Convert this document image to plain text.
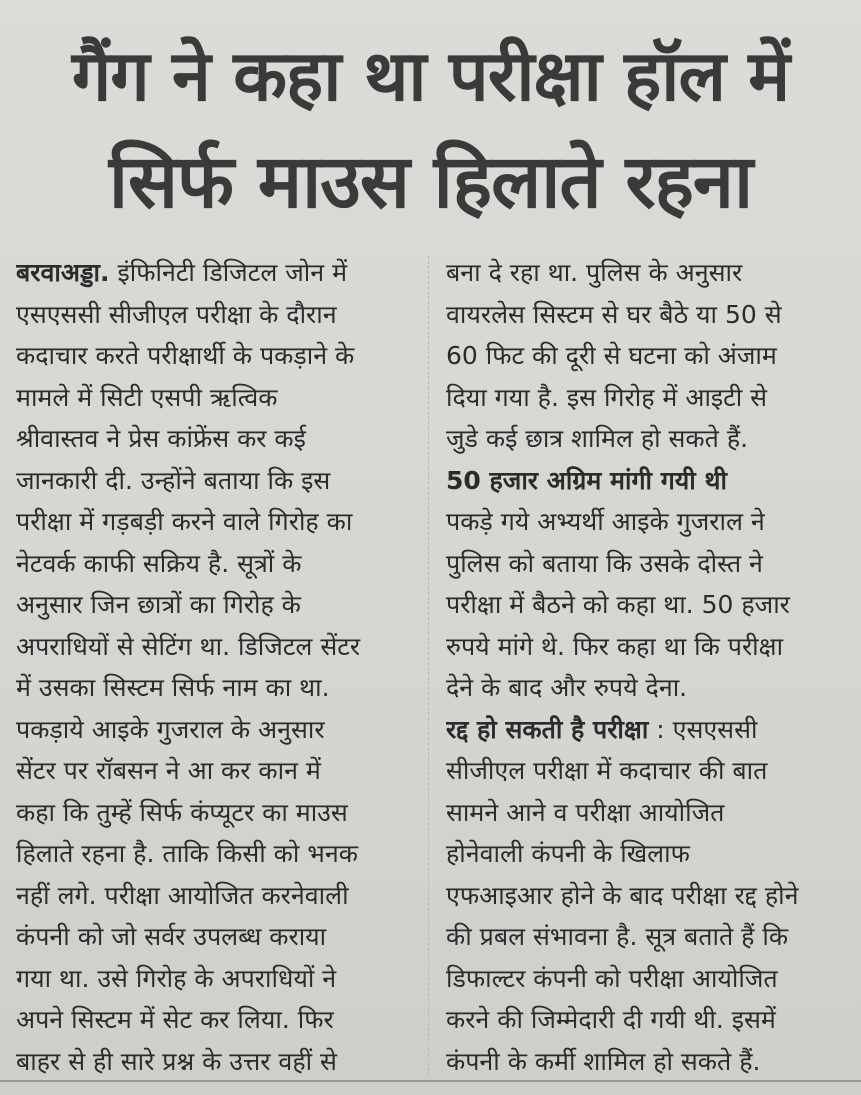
गैंग ने कहा था परीक्षा हॉल में
सिर्फ माउस हिलाते रहना
बरवाअड्डा. इंफिनिटी डिजिटल जोन में
एसएससी सीजीएल परीक्षा के दौरान
कदाचार करते परीक्षार्थी के पकड़ाने के
मामले में सिटी एसपी ऋत्विक
श्रीवास्तव ने प्रेस कांफ्रेंस कर कई
जानकारी दी. उन्होंने बताया कि इस
परीक्षा में गड़बड़ी करने वाले गिरोह का
नेटवर्क काफी सक्रिय है. सूत्रों के
अनुसार जिन छात्रों का गिरोह के
अपराधियों से सेटिंग था. डिजिटल सेंटर
में उसका सिस्टम सिर्फ नाम का था.
पकड़ाये आइके गुजराल के अनुसार
सेंटर पर रॉबसन ने आ कर कान में
कहा कि तुम्हें सिर्फ कंप्यूटर का माउस
हिलाते रहना है. ताकि किसी को भनक
नहीं लगे. परीक्षा आयोजित करनेवाली
कंपनी को जो सर्वर उपलब्ध कराया
गया था. उसे गिरोह के अपराधियों ने
अपने सिस्टम में सेट कर लिया. फिर
बाहर से ही सारे प्रश्न के उत्तर वहीं से
बना दे रहा था. पुलिस के अनुसार
वायरलेस सिस्टम से घर बैठे या 50 से
60 फिट की दूरी से घटना को अंजाम
दिया गया है. इस गिरोह में आइटी से
जुडे कई छात्र शामिल हो सकते हैं.
50 हजार अग्रिम मांगी गयी थी
पकड़े गये अभ्यर्थी आइके गुजराल ने
पुलिस को बताया कि उसके दोस्त ने
परीक्षा में बैठने को कहा था. 50 हजार
रुपये मांगे थे. फिर कहा था कि परीक्षा
देने के बाद और रुपये देना.
रद्द हो सकती है परीक्षा : एसएससी
सीजीएल परीक्षा में कदाचार की बात
सामने आने व परीक्षा आयोजित
होनेवाली कंपनी के खिलाफ
एफआइआर होने के बाद परीक्षा रद्द होने
की प्रबल संभावना है. सूत्र बताते हैं कि
डिफाल्टर कंपनी को परीक्षा आयोजित
करने की जिम्मेदारी दी गयी थी. इसमें
कंपनी के कर्मी शामिल हो सकते हैं.
